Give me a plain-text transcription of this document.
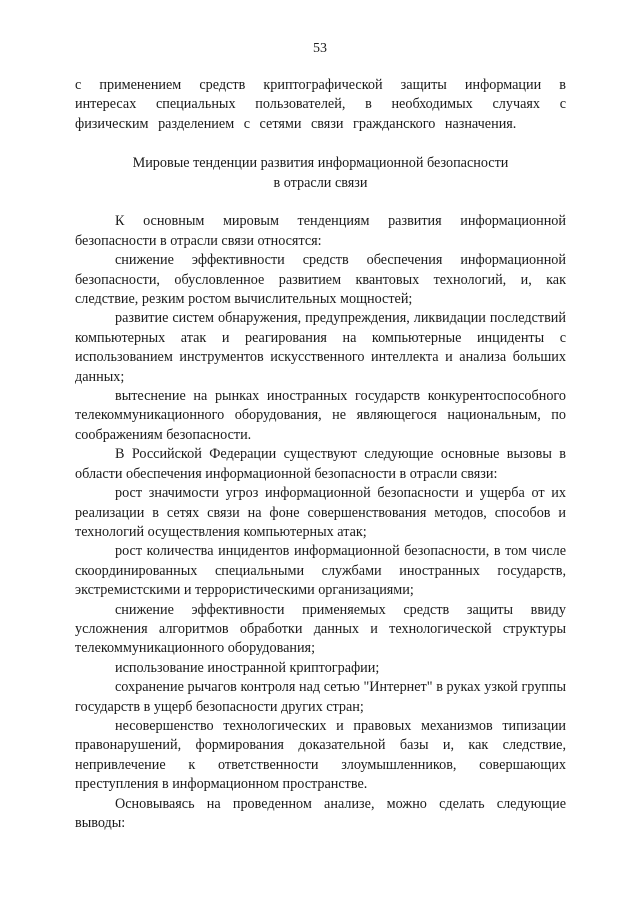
53

с применением средств криптографической защиты информации в интересах специальных пользователей, в необходимых случаях с физическим разделением с сетями связи гражданского назначения.

Мировые тенденции развития информационной безопасности
в отрасли связи

К основным мировым тенденциям развития информационной безопасности в отрасли связи относятся:

снижение эффективности средств обеспечения информационной безопасности, обусловленное развитием квантовых технологий, и, как следствие, резким ростом вычислительных мощностей;

развитие систем обнаружения, предупреждения, ликвидации последствий компьютерных атак и реагирования на компьютерные инциденты с использованием инструментов искусственного интеллекта и анализа больших данных;

вытеснение на рынках иностранных государств конкурентоспособного телекоммуникационного оборудования, не являющегося национальным, по соображениям безопасности.

В Российской Федерации существуют следующие основные вызовы в области обеспечения информационной безопасности в отрасли связи:

рост значимости угроз информационной безопасности и ущерба от их реализации в сетях связи на фоне совершенствования методов, способов и технологий осуществления компьютерных атак;

рост количества инцидентов информационной безопасности, в том числе скоординированных специальными службами иностранных государств, экстремистскими и террористическими организациями;

снижение эффективности применяемых средств защиты ввиду усложнения алгоритмов обработки данных и технологической структуры телекоммуникационного оборудования;

использование иностранной криптографии;

сохранение рычагов контроля над сетью "Интернет" в руках узкой группы государств в ущерб безопасности других стран;

несовершенство технологических и правовых механизмов типизации правонарушений, формирования доказательной базы и, как следствие, непривлечение к ответственности злоумышленников, совершающих преступления в информационном пространстве.

Основываясь на проведенном анализе, можно сделать следующие выводы:
